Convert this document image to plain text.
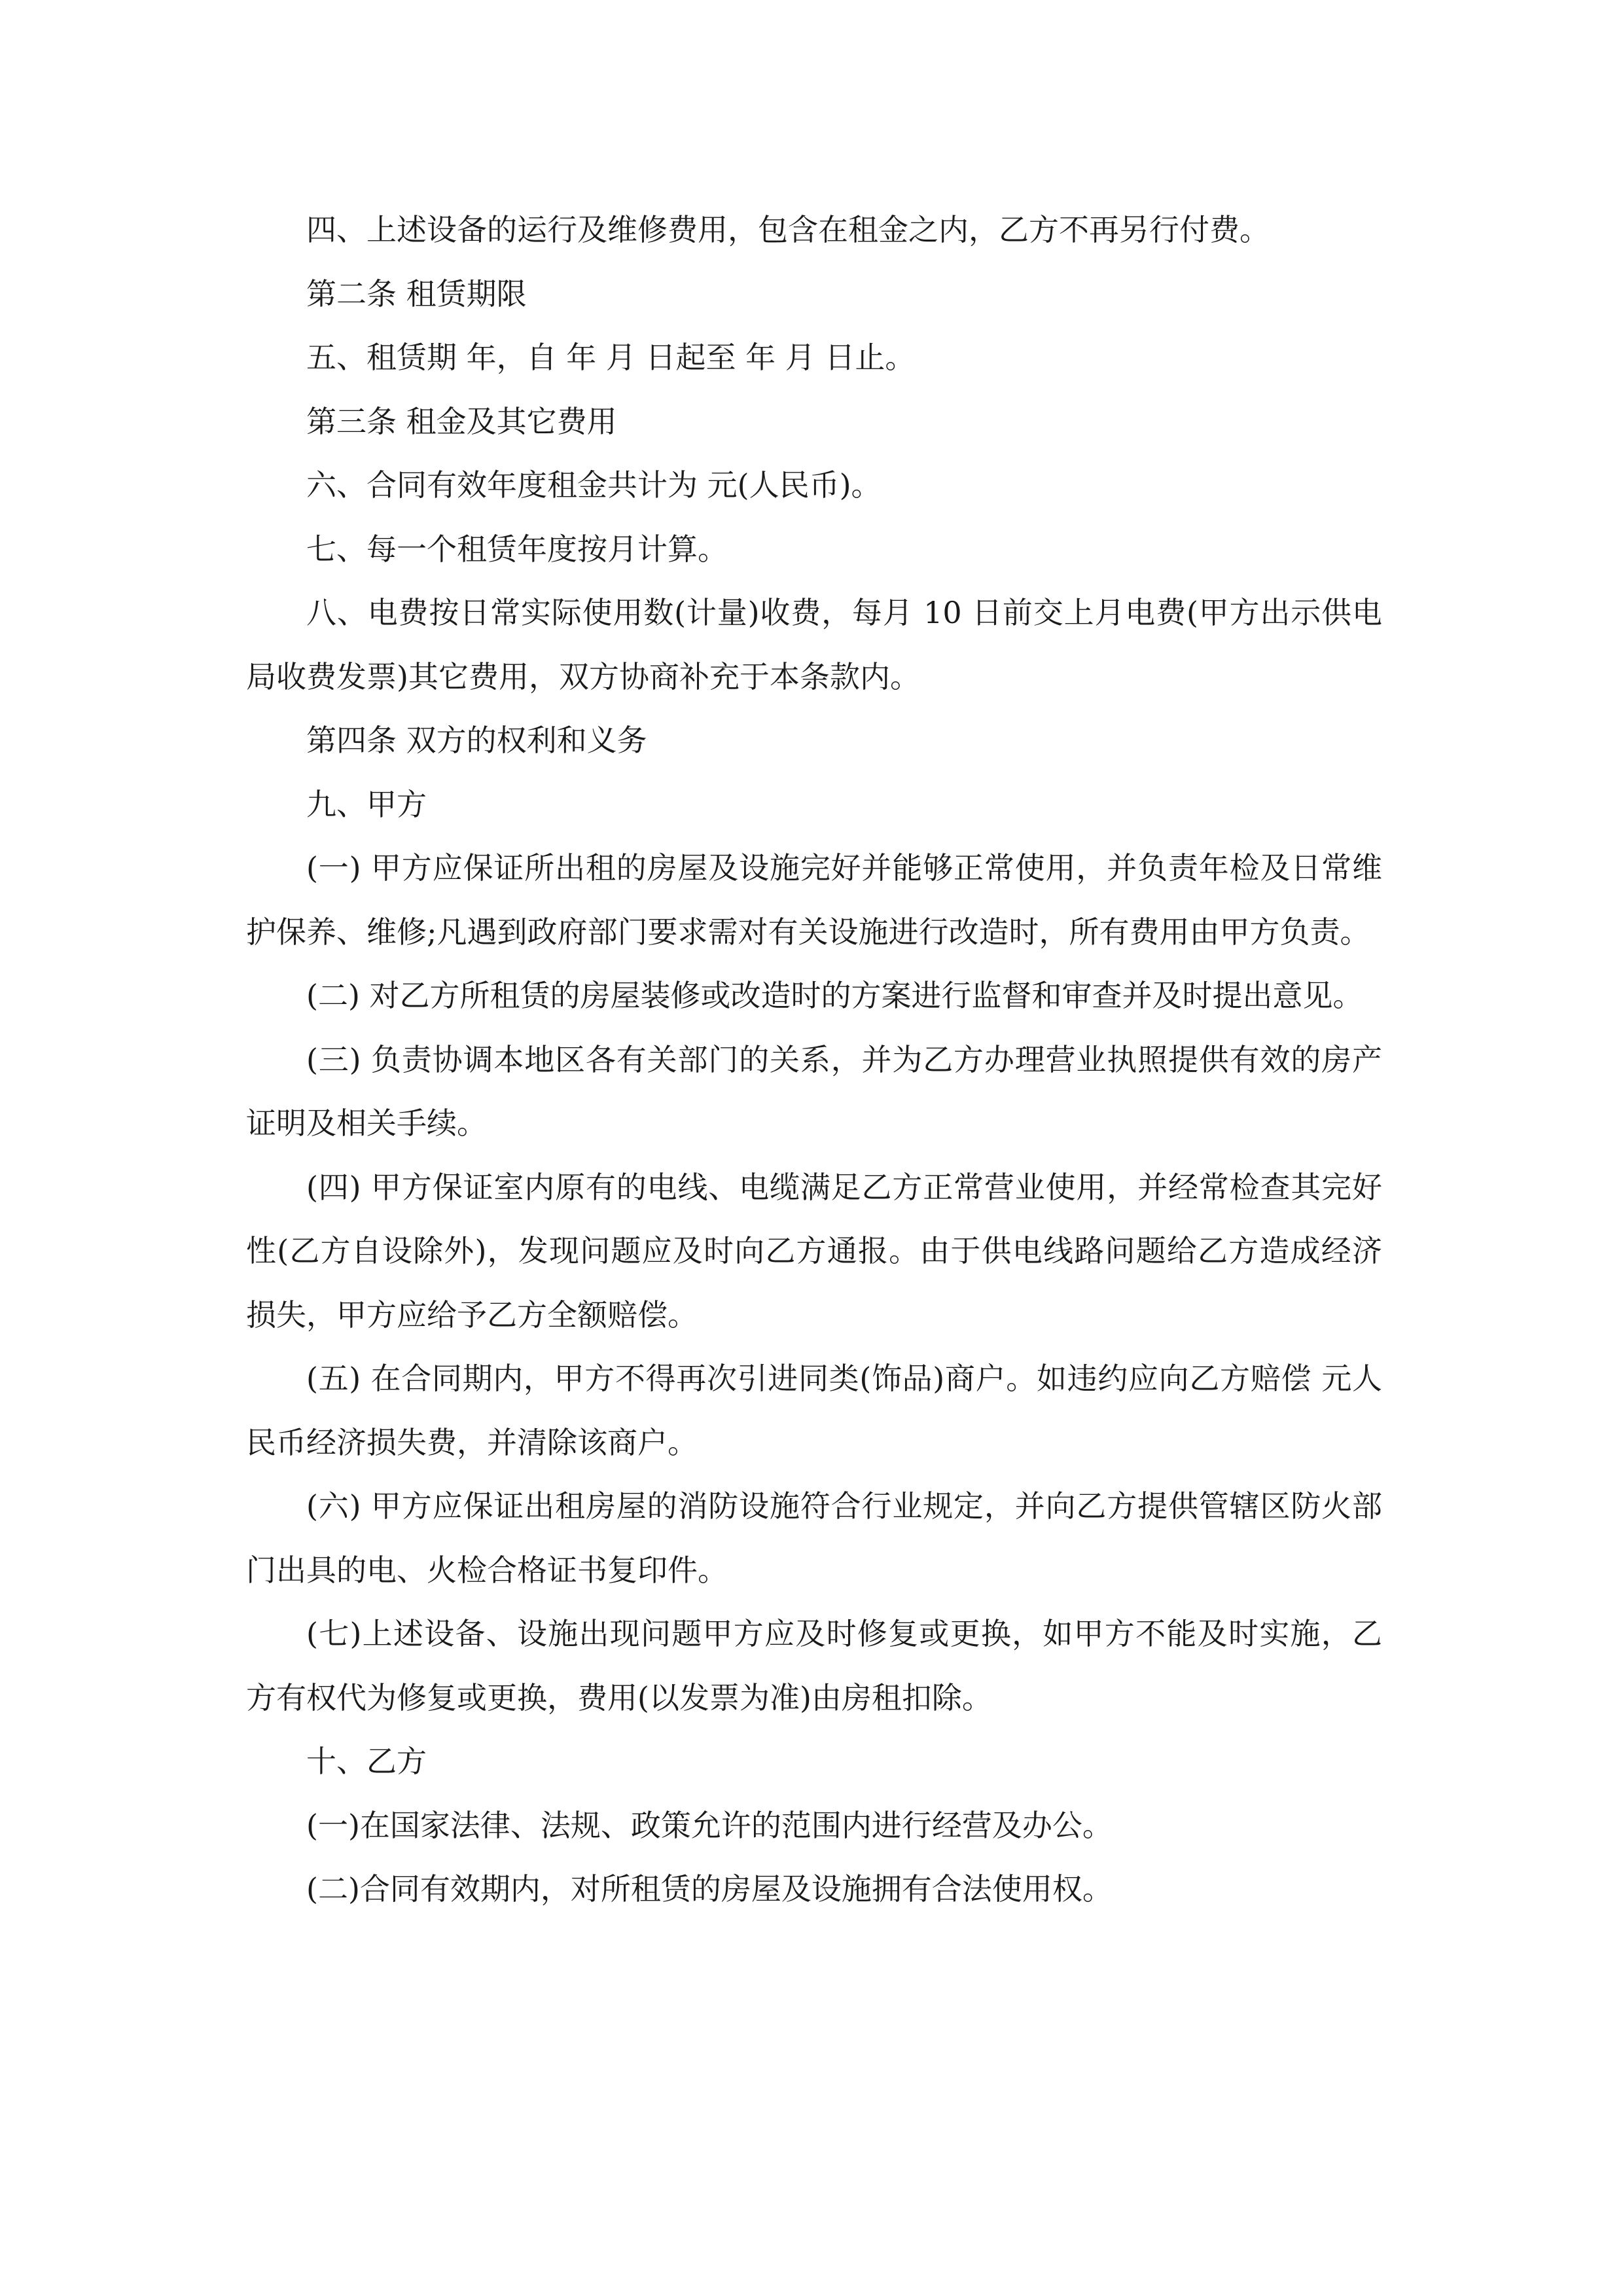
四、上述设备的运行及维修费用，包含在租金之内，乙方不再另行付费。

第二条 租赁期限

五、租赁期 年，自 年 月 日起至 年 月 日止。

第三条 租金及其它费用

六、合同有效年度租金共计为 元(人民币)。

七、每一个租赁年度按月计算。

八、电费按日常实际使用数(计量)收费，每月 10 日前交上月电费(甲方出示供电局收费发票)其它费用，双方协商补充于本条款内。

第四条 双方的权利和义务

九、甲方

(一) 甲方应保证所出租的房屋及设施完好并能够正常使用，并负责年检及日常维护保养、维修;凡遇到政府部门要求需对有关设施进行改造时，所有费用由甲方负责。

(二) 对乙方所租赁的房屋装修或改造时的方案进行监督和审查并及时提出意见。

(三) 负责协调本地区各有关部门的关系，并为乙方办理营业执照提供有效的房产证明及相关手续。

(四) 甲方保证室内原有的电线、电缆满足乙方正常营业使用，并经常检查其完好性(乙方自设除外)，发现问题应及时向乙方通报。由于供电线路问题给乙方造成经济损失，甲方应给予乙方全额赔偿。

(五) 在合同期内，甲方不得再次引进同类(饰品)商户。如违约应向乙方赔偿 元人民币经济损失费，并清除该商户。

(六) 甲方应保证出租房屋的消防设施符合行业规定，并向乙方提供管辖区防火部门出具的电、火检合格证书复印件。

(七)上述设备、设施出现问题甲方应及时修复或更换，如甲方不能及时实施，乙方有权代为修复或更换，费用(以发票为准)由房租扣除。

十、乙方

(一)在国家法律、法规、政策允许的范围内进行经营及办公。

(二)合同有效期内，对所租赁的房屋及设施拥有合法使用权。
